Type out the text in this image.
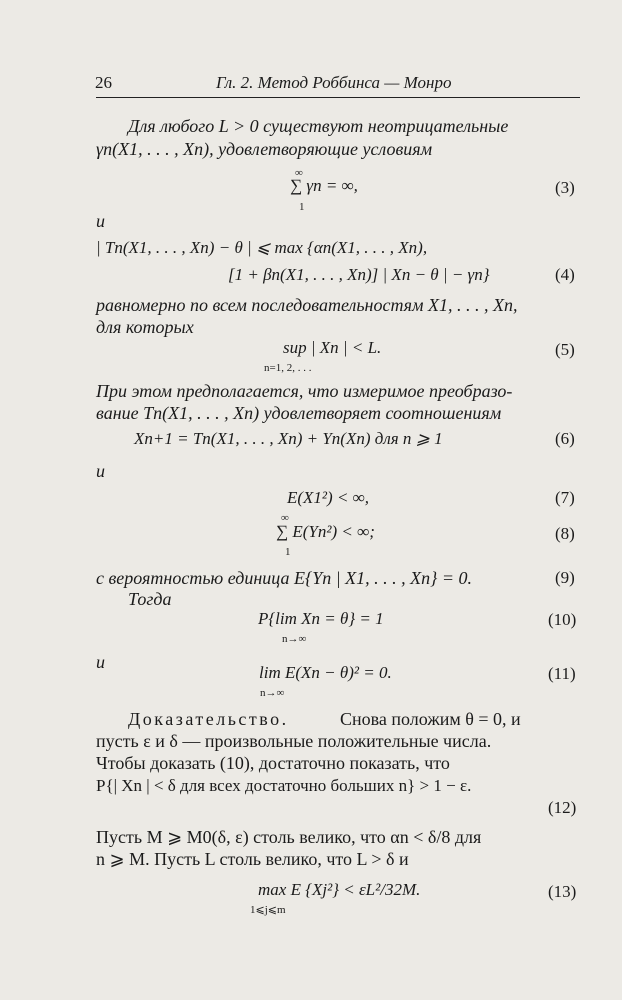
26	Гл. 2. Метод Роббинса — Монро
Для любого L > 0 существуют неотрицательные
γn(X1, . . . , Xn), удовлетворяющие условиям
∞
∑ γn = ∞,
1
(3)
и
| Tn(X1, . . . , Xn) − θ | ⩽ max {αn(X1, . . . , Xn),
[1 + βn(X1, . . . , Xn)] | Xn − θ | − γn}	(4)
равномерно по всем последовательностям X1, . . . , Xn,
для которых
sup | Xn | < L.
n=1, 2, . . .
(5)
При этом предполагается, что измеримое преобразо-
вание Tn(X1, . . . , Xn) удовлетворяет соотношениям
Xn+1 = Tn(X1, . . . , Xn) + Yn(Xn) для n ⩾ 1	(6)
и
E(X1²) < ∞,	(7)
∞
∑ E(Yn²) < ∞;
1
(8)
с вероятностью единица E{Yn | X1, . . . , Xn} = 0.	(9)
Тогда
P{lim Xn = θ} = 1
n→∞
(10)
и
lim E(Xn − θ)² = 0.
n→∞
(11)
Доказательство.	Снова положим θ = 0, и
пусть ε и δ — произвольные положительные числа.
Чтобы доказать (10), достаточно показать, что
P{| Xn | < δ для всех достаточно больших n} > 1 − ε.
(12)
Пусть M ⩾ M0(δ, ε) столь велико, что αn < δ/8 для
n ⩾ M. Пусть L столь велико, что L > δ и
max E {Xj²} < εL²/32M.
1⩽j⩽m
(13)
